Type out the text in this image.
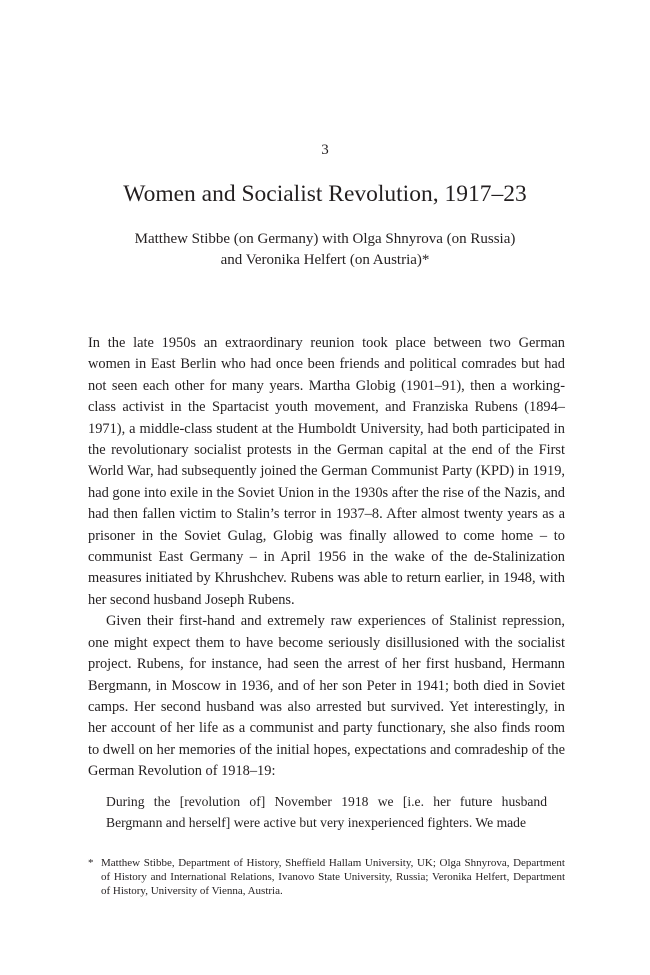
3
Women and Socialist Revolution, 1917–23
Matthew Stibbe (on Germany) with Olga Shnyrova (on Russia)
and Veronika Helfert (on Austria)*

In the late 1950s an extraordinary reunion took place between two German women in East Berlin who had once been friends and political comrades but had not seen each other for many years. Martha Globig (1901–91), then a working-class activist in the Spartacist youth movement, and Franziska Rubens (1894–1971), a middle-class student at the Humboldt University, had both participated in the revolutionary socialist protests in the German capital at the end of the First World War, had subsequently joined the German Communist Party (KPD) in 1919, had gone into exile in the Soviet Union in the 1930s after the rise of the Nazis, and had then fallen victim to Stalin’s terror in 1937–8. After almost twenty years as a prisoner in the Soviet Gulag, Globig was finally allowed to come home – to communist East Germany – in April 1956 in the wake of the de-Stalinization measures initiated by Khrushchev. Rubens was able to return earlier, in 1948, with her second husband Joseph Rubens.

Given their first-hand and extremely raw experiences of Stalinist repression, one might expect them to have become seriously disillusioned with the socialist project. Rubens, for instance, had seen the arrest of her first husband, Hermann Bergmann, in Moscow in 1936, and of her son Peter in 1941; both died in Soviet camps. Her second husband was also arrested but survived. Yet interestingly, in her account of her life as a communist and party functionary, she also finds room to dwell on her memories of the initial hopes, expectations and comradeship of the German Revolution of 1918–19:

During the [revolution of] November 1918 we [i.e. her future husband Bergmann and herself] were active but very inexperienced fighters. We made

* Matthew Stibbe, Department of History, Sheffield Hallam University, UK; Olga Shnyrova, Department of History and International Relations, Ivanovo State University, Russia; Veronika Helfert, Department of History, University of Vienna, Austria.
